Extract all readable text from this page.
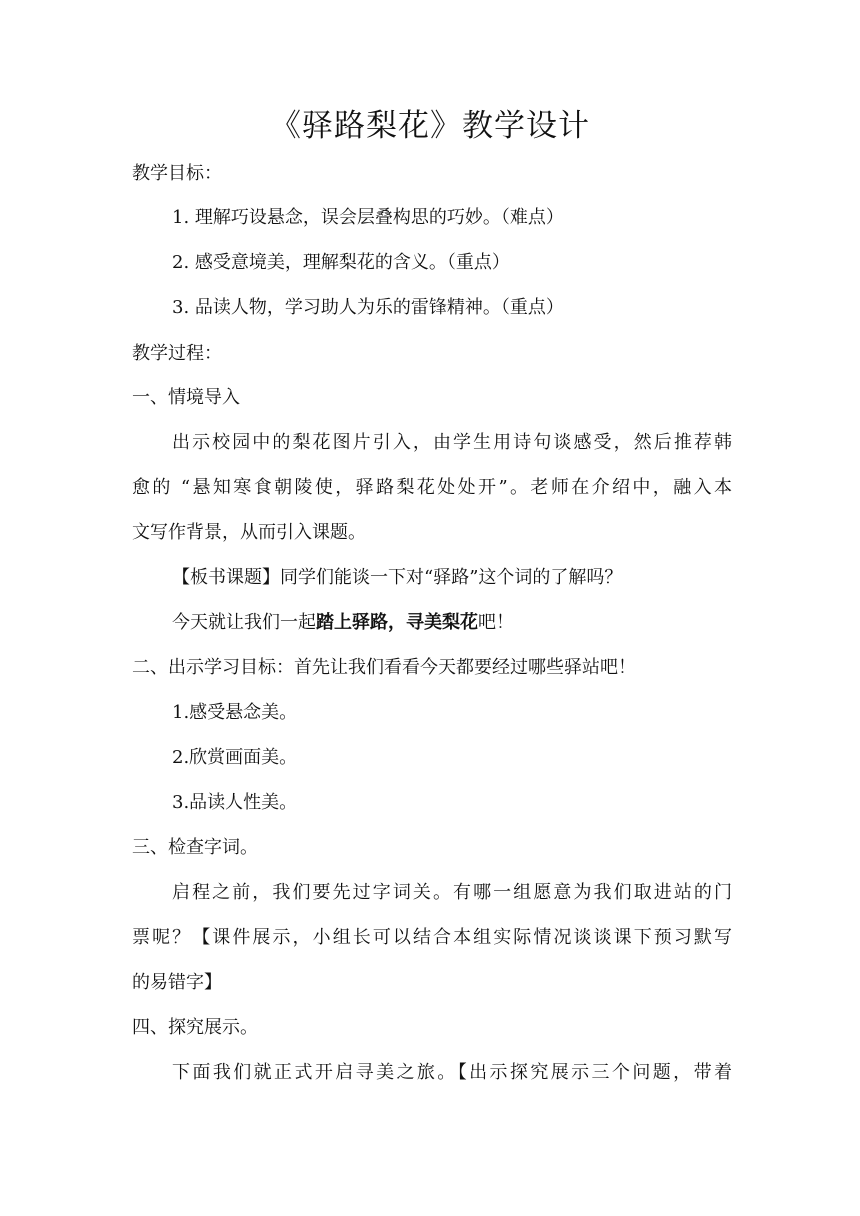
《驿路梨花》教学设计
教学目标：
1. 理解巧设悬念，误会层叠构思的巧妙。（难点）
2. 感受意境美，理解梨花的含义。（重点）
3. 品读人物，学习助人为乐的雷锋精神。（重点）
教学过程：
一、情境导入
出示校园中的梨花图片引入，由学生用诗句谈感受，然后推荐韩
愈的 “悬知寒食朝陵使，驿路梨花处处开”。老师在介绍中，融入本
文写作背景，从而引入课题。
【板书课题】同学们能谈一下对“驿路”这个词的了解吗？
今天就让我们一起踏上驿路，寻美梨花吧！
二、出示学习目标：首先让我们看看今天都要经过哪些驿站吧！
1.感受悬念美。
2.欣赏画面美。
3.品读人性美。
三、检查字词。
启程之前，我们要先过字词关。有哪一组愿意为我们取进站的门
票呢？【课件展示，小组长可以结合本组实际情况谈谈课下预习默写
的易错字】
四、探究展示。
下面我们就正式开启寻美之旅。【出示探究展示三个问题，带着
